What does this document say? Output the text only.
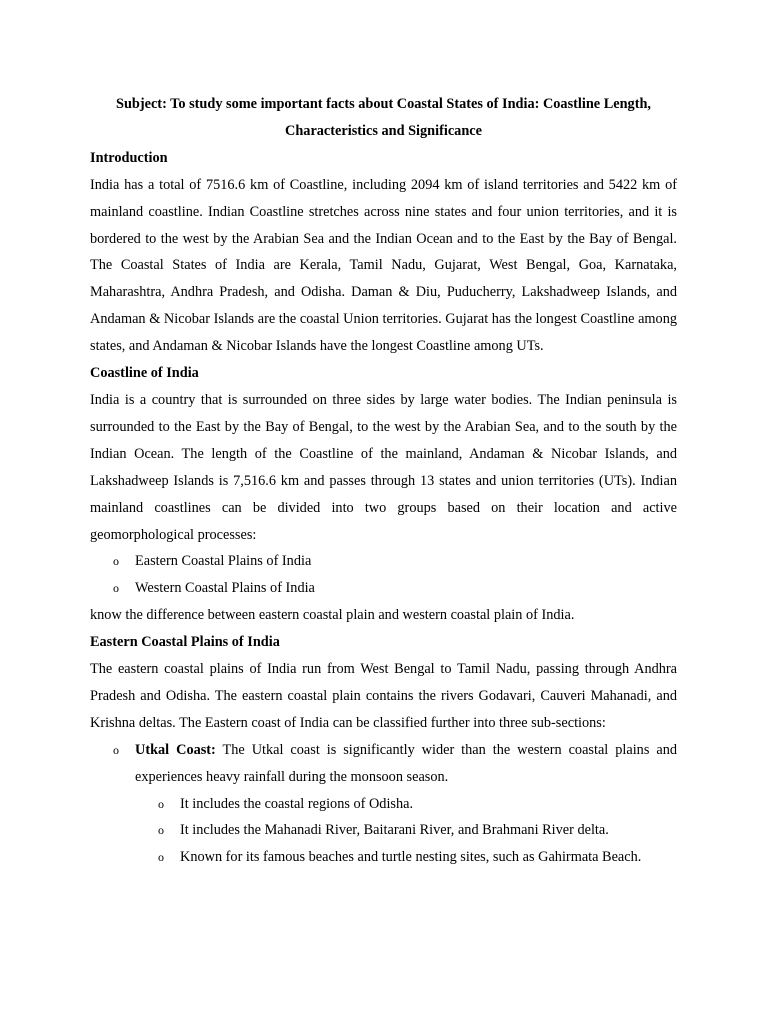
Subject: To study some important facts about Coastal States of India: Coastline Length, Characteristics and Significance

Introduction

India has a total of 7516.6 km of Coastline, including 2094 km of island territories and 5422 km of mainland coastline. Indian Coastline stretches across nine states and four union territories, and it is bordered to the west by the Arabian Sea and the Indian Ocean and to the East by the Bay of Bengal. The Coastal States of India are Kerala, Tamil Nadu, Gujarat, West Bengal, Goa, Karnataka, Maharashtra, Andhra Pradesh, and Odisha. Daman & Diu, Puducherry, Lakshadweep Islands, and Andaman & Nicobar Islands are the coastal Union territories. Gujarat has the longest Coastline among states, and Andaman & Nicobar Islands have the longest Coastline among UTs.

Coastline of India

India is a country that is surrounded on three sides by large water bodies. The Indian peninsula is surrounded to the East by the Bay of Bengal, to the west by the Arabian Sea, and to the south by the Indian Ocean. The length of the Coastline of the mainland, Andaman & Nicobar Islands, and Lakshadweep Islands is 7,516.6 km and passes through 13 states and union territories (UTs). Indian mainland coastlines can be divided into two groups based on their location and active geomorphological processes:

o Eastern Coastal Plains of India
o Western Coastal Plains of India

know the difference between eastern coastal plain and western coastal plain of India.

Eastern Coastal Plains of India

The eastern coastal plains of India run from West Bengal to Tamil Nadu, passing through Andhra Pradesh and Odisha. The eastern coastal plain contains the rivers Godavari, Cauveri Mahanadi, and Krishna deltas. The Eastern coast of India can be classified further into three sub-sections:

o Utkal Coast: The Utkal coast is significantly wider than the western coastal plains and experiences heavy rainfall during the monsoon season.
o It includes the coastal regions of Odisha.
o It includes the Mahanadi River, Baitarani River, and Brahmani River delta.
o Known for its famous beaches and turtle nesting sites, such as Gahirmata Beach.
